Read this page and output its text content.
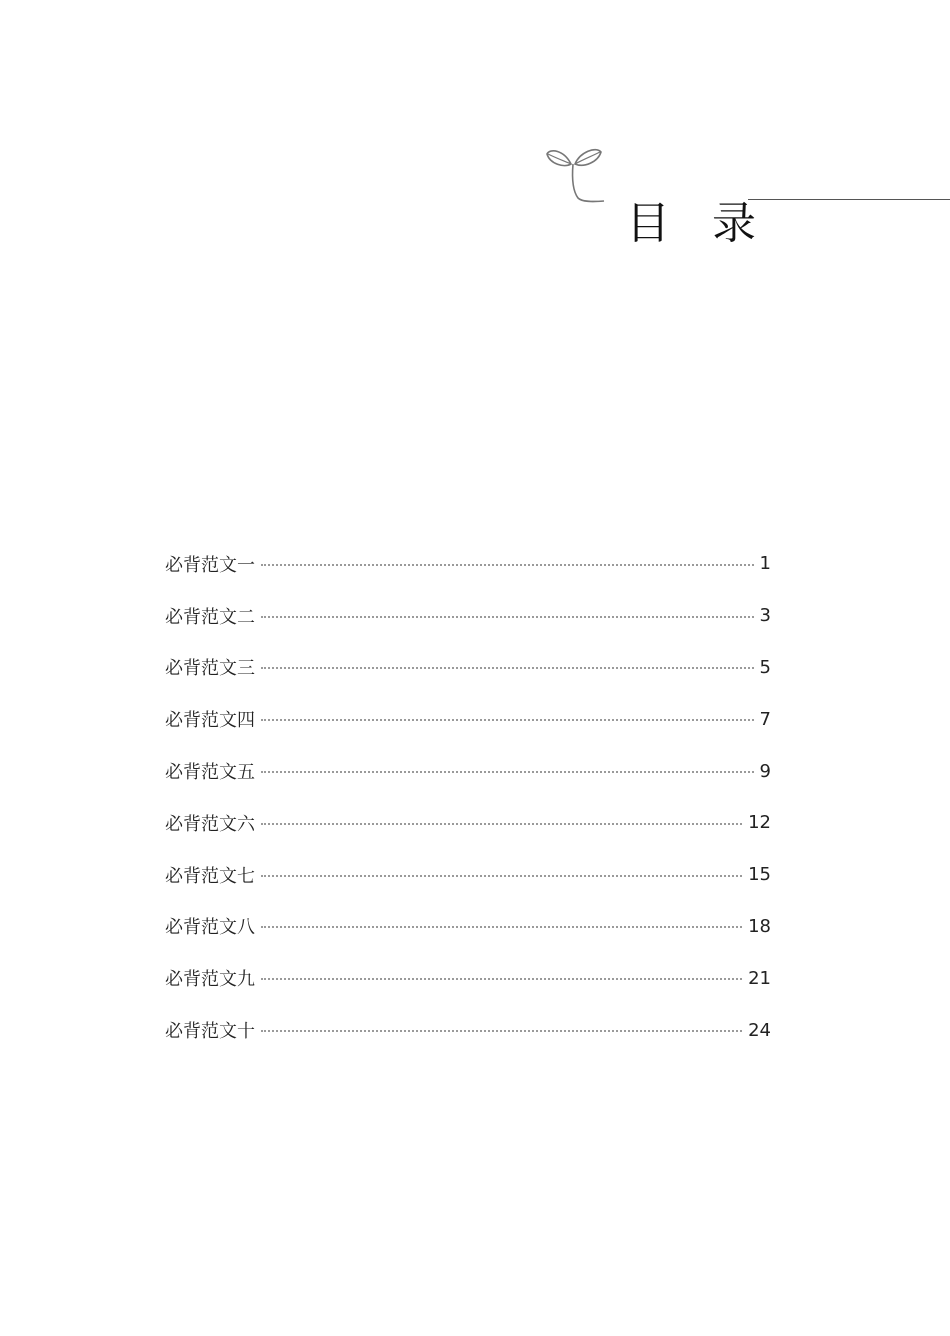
目 录
必背范文一	1
必背范文二	3
必背范文三	5
必背范文四	7
必背范文五	9
必背范文六	12
必背范文七	15
必背范文八	18
必背范文九	21
必背范文十	24
